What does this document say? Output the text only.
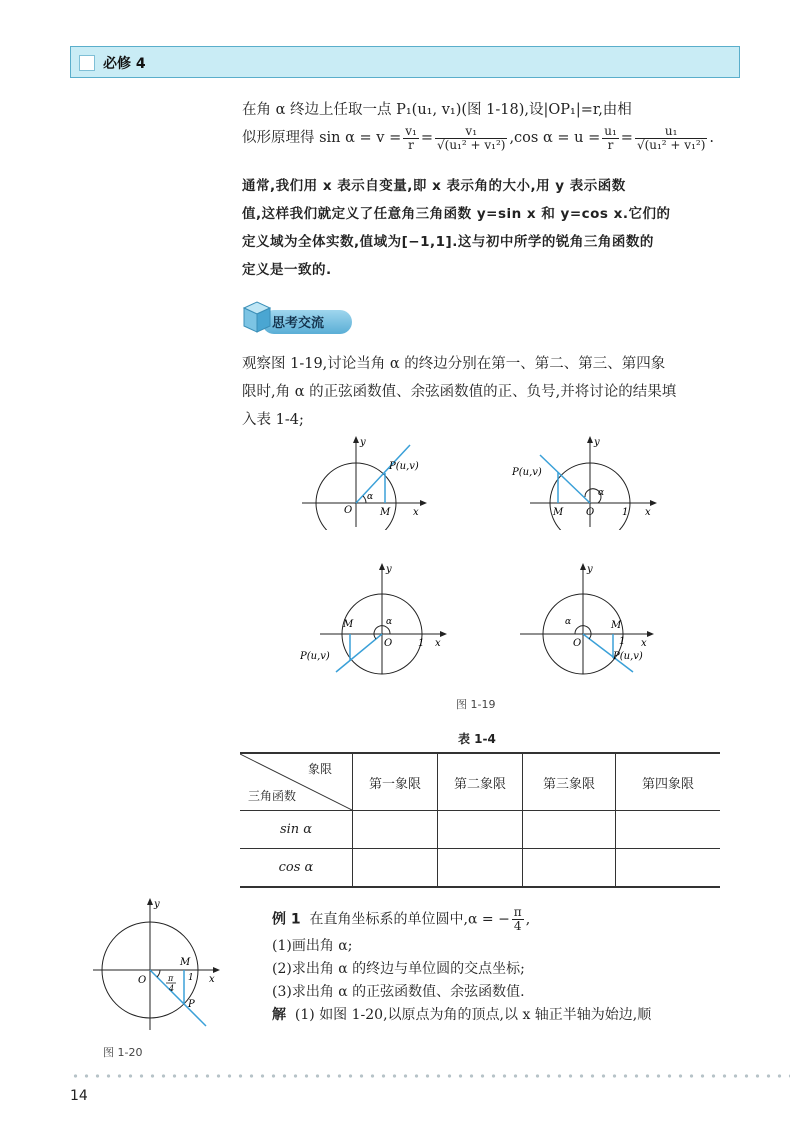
必修 4
在角 α 终边上任取一点 P₁(u₁, v₁)(图 1-18),设|OP₁|=r,由相
似形原理得 $\sin \alpha = v = \frac{\text{v₁}}{r} = \frac{\text{v₁}}{\text{√(u₁² + v₁²)}} ,\cos$ $\alpha = u = \frac{\text{u₁}}{r} = \frac{\text{u₁}}{\text{√(u₁² + v₁²)}}$ .
通常,我们用 x 表示自变量,即 x 表示角的大小,用 y 表示函数
值,这样我们就定义了任意角三角函数 y=sin x 和 y=cos x.它们的
定义域为全体实数,值域为[−1,1].这与初中所学的锐角三角函数的
定义是一致的.
思考交流
观察图 1-19,讨论当角 α 的终边分别在第一、第二、第三、第四象
限时,角 α 的正弦函数值、余弦函数值的正、负号,并将讨论的结果填
入表 1-4;
P(u,v)
O	M x
y
α
P(u,v)
O
M	1 x
y
α
P(u,v)
O
M
1 x
y
α
P(u,v)
O
M
1 x
y
α
图 1-19
表 1-4
象限
三角函数	第一象限	第二象限	第三象限	第四象限
sin α				
cos α				
O
M
P
1 x
y
π
4
图 1-20
例 1 在直角坐标系的单位圆中,α = − $\frac{\pi}{4}$ ,
(1)画出角 α;
(2)求出角 α 的终边与单位圆的交点坐标;
(3)求出角 α 的正弦函数值、余弦函数值.
解 (1) 如图 1-20,以原点为角的顶点,以 x 轴正半轴为始边,顺
14
